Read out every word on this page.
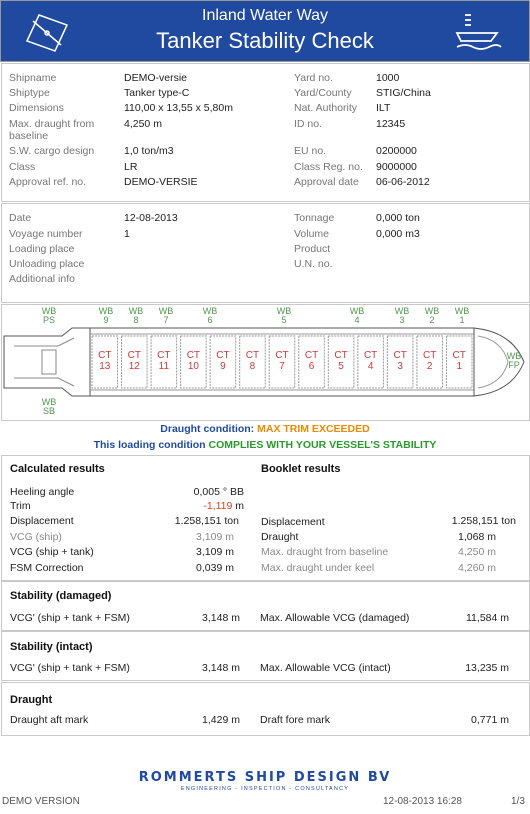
Inland Water Way
Tanker Stability Check
Shipname	DEMO-versie
Shiptype	Tanker type-C
Dimensions	110,00 x 13,55 x 5,80m
Max. draught from baseline
4,250 m
S.W. cargo design	1,0 ton/m3
Class	LR
Approval ref. no.	DEMO-VERSIE
Yard no.	1000
Yard/County STIG/China
Nat. Authority ILT
ID no.	12345
EU no.	0200000
Class Reg. no. 9000000
Approval date 06-06-2012
Date	12-08-2013
Voyage number	1
Loading place
Unloading place
Additional info
Tonnage	0,000 ton
Volume	0,000 m3
Product
U.N. no.
CT 13
CT 12
CT 11
CT 10
CT 9
CT 8
CT 7
CT 6
CT 5
CT 4
CT 3
CT 2
CT 1
WB 9
WB 8
WB 7
WB 6
WB 5
WB 4
WB 3
WB 2
WB 1
WB PS
WB SB
WB FP
Draught condition: MAX TRIM EXCEEDED
This loading condition COMPLIES WITH YOUR VESSEL'S STABILITY
Calculated results	Booklet results
Heeling angle	0,005 ° BB
Trim	-1,119 m
Displacement	1.258,151 ton
VCG (ship)	3,109 m
VCG (ship + tank)	3,109 m
FSM Correction	0,039 m
Displacement	1.258,151 ton
Draught	1,068 m
Max. draught from baseline	4,250 m
Max. draught under keel	4,260 m
Stability (damaged)
VCG' (ship + tank + FSM)	3,148 m Max. Allowable VCG (damaged)	11,584 m
Stability (intact)
VCG' (ship + tank + FSM)	3,148 m Max. Allowable VCG (intact)	13,235 m
Draught
Draught aft mark	1,429 m Draft fore mark	0,771 m
ROMMERTS SHIP DESIGN BV
ENGINEERING - INSPECTION - CONSULTANCY
DEMO VERSION	12-08-2013 16:28	1/3
